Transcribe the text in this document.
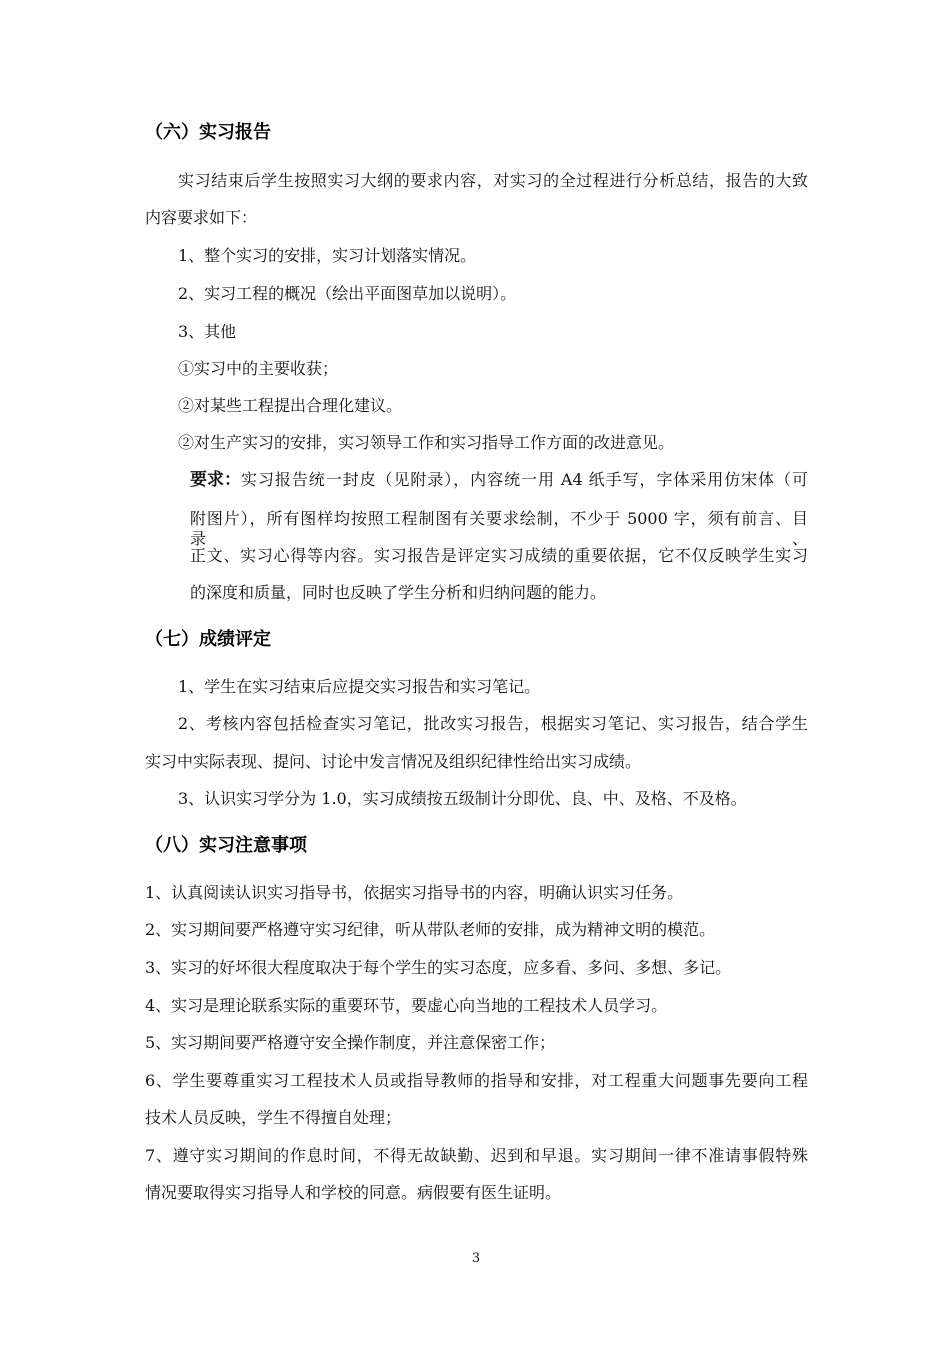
（六）实习报告
实习结束后学生按照实习大纲的要求内容，对实习的全过程进行分析总结，报告的大致
内容要求如下：
1、整个实习的安排，实习计划落实情况。
2、实习工程的概况（绘出平面图草加以说明）。
3、其他
①实习中的主要收获；
②对某些工程提出合理化建议。
②对生产实习的安排，实习领导工作和实习指导工作方面的改进意见。
要求： 实习报告统一封皮（见附录），内容统一用 A4 纸手写，字体采用仿宋体（可
附图片），所有图样均按照工程制图有关要求绘制，不少于 5000 字，须有前言、目录、
正文、实习心得等内容。实习报告是评定实习成绩的重要依据，它不仅反映学生实习
的深度和质量，同时也反映了学生分析和归纳问题的能力。
（七）成绩评定
1、学生在实习结束后应提交实习报告和实习笔记。
2、考核内容包括检查实习笔记，批改实习报告，根据实习笔记、实习报告，结合学生
实习中实际表现、提问、讨论中发言情况及组织纪律性给出实习成绩。
3、认识实习学分为 1.0，实习成绩按五级制计分即优、良、中、及格、不及格。
（八）实习注意事项
1、认真阅读认识实习指导书，依据实习指导书的内容，明确认识实习任务。
2、实习期间要严格遵守实习纪律，听从带队老师的安排，成为精神文明的模范。
3、实习的好坏很大程度取决于每个学生的实习态度，应多看、多问、多想、多记。
4、实习是理论联系实际的重要环节，要虚心向当地的工程技术人员学习。
5、实习期间要严格遵守安全操作制度，并注意保密工作；
6、学生要尊重实习工程技术人员或指导教师的指导和安排，对工程重大问题事先要向工程
技术人员反映，学生不得擅自处理；
7、遵守实习期间的作息时间，不得无故缺勤、迟到和早退。实习期间一律不准请事假特殊
情况要取得实习指导人和学校的同意。病假要有医生证明。
3
